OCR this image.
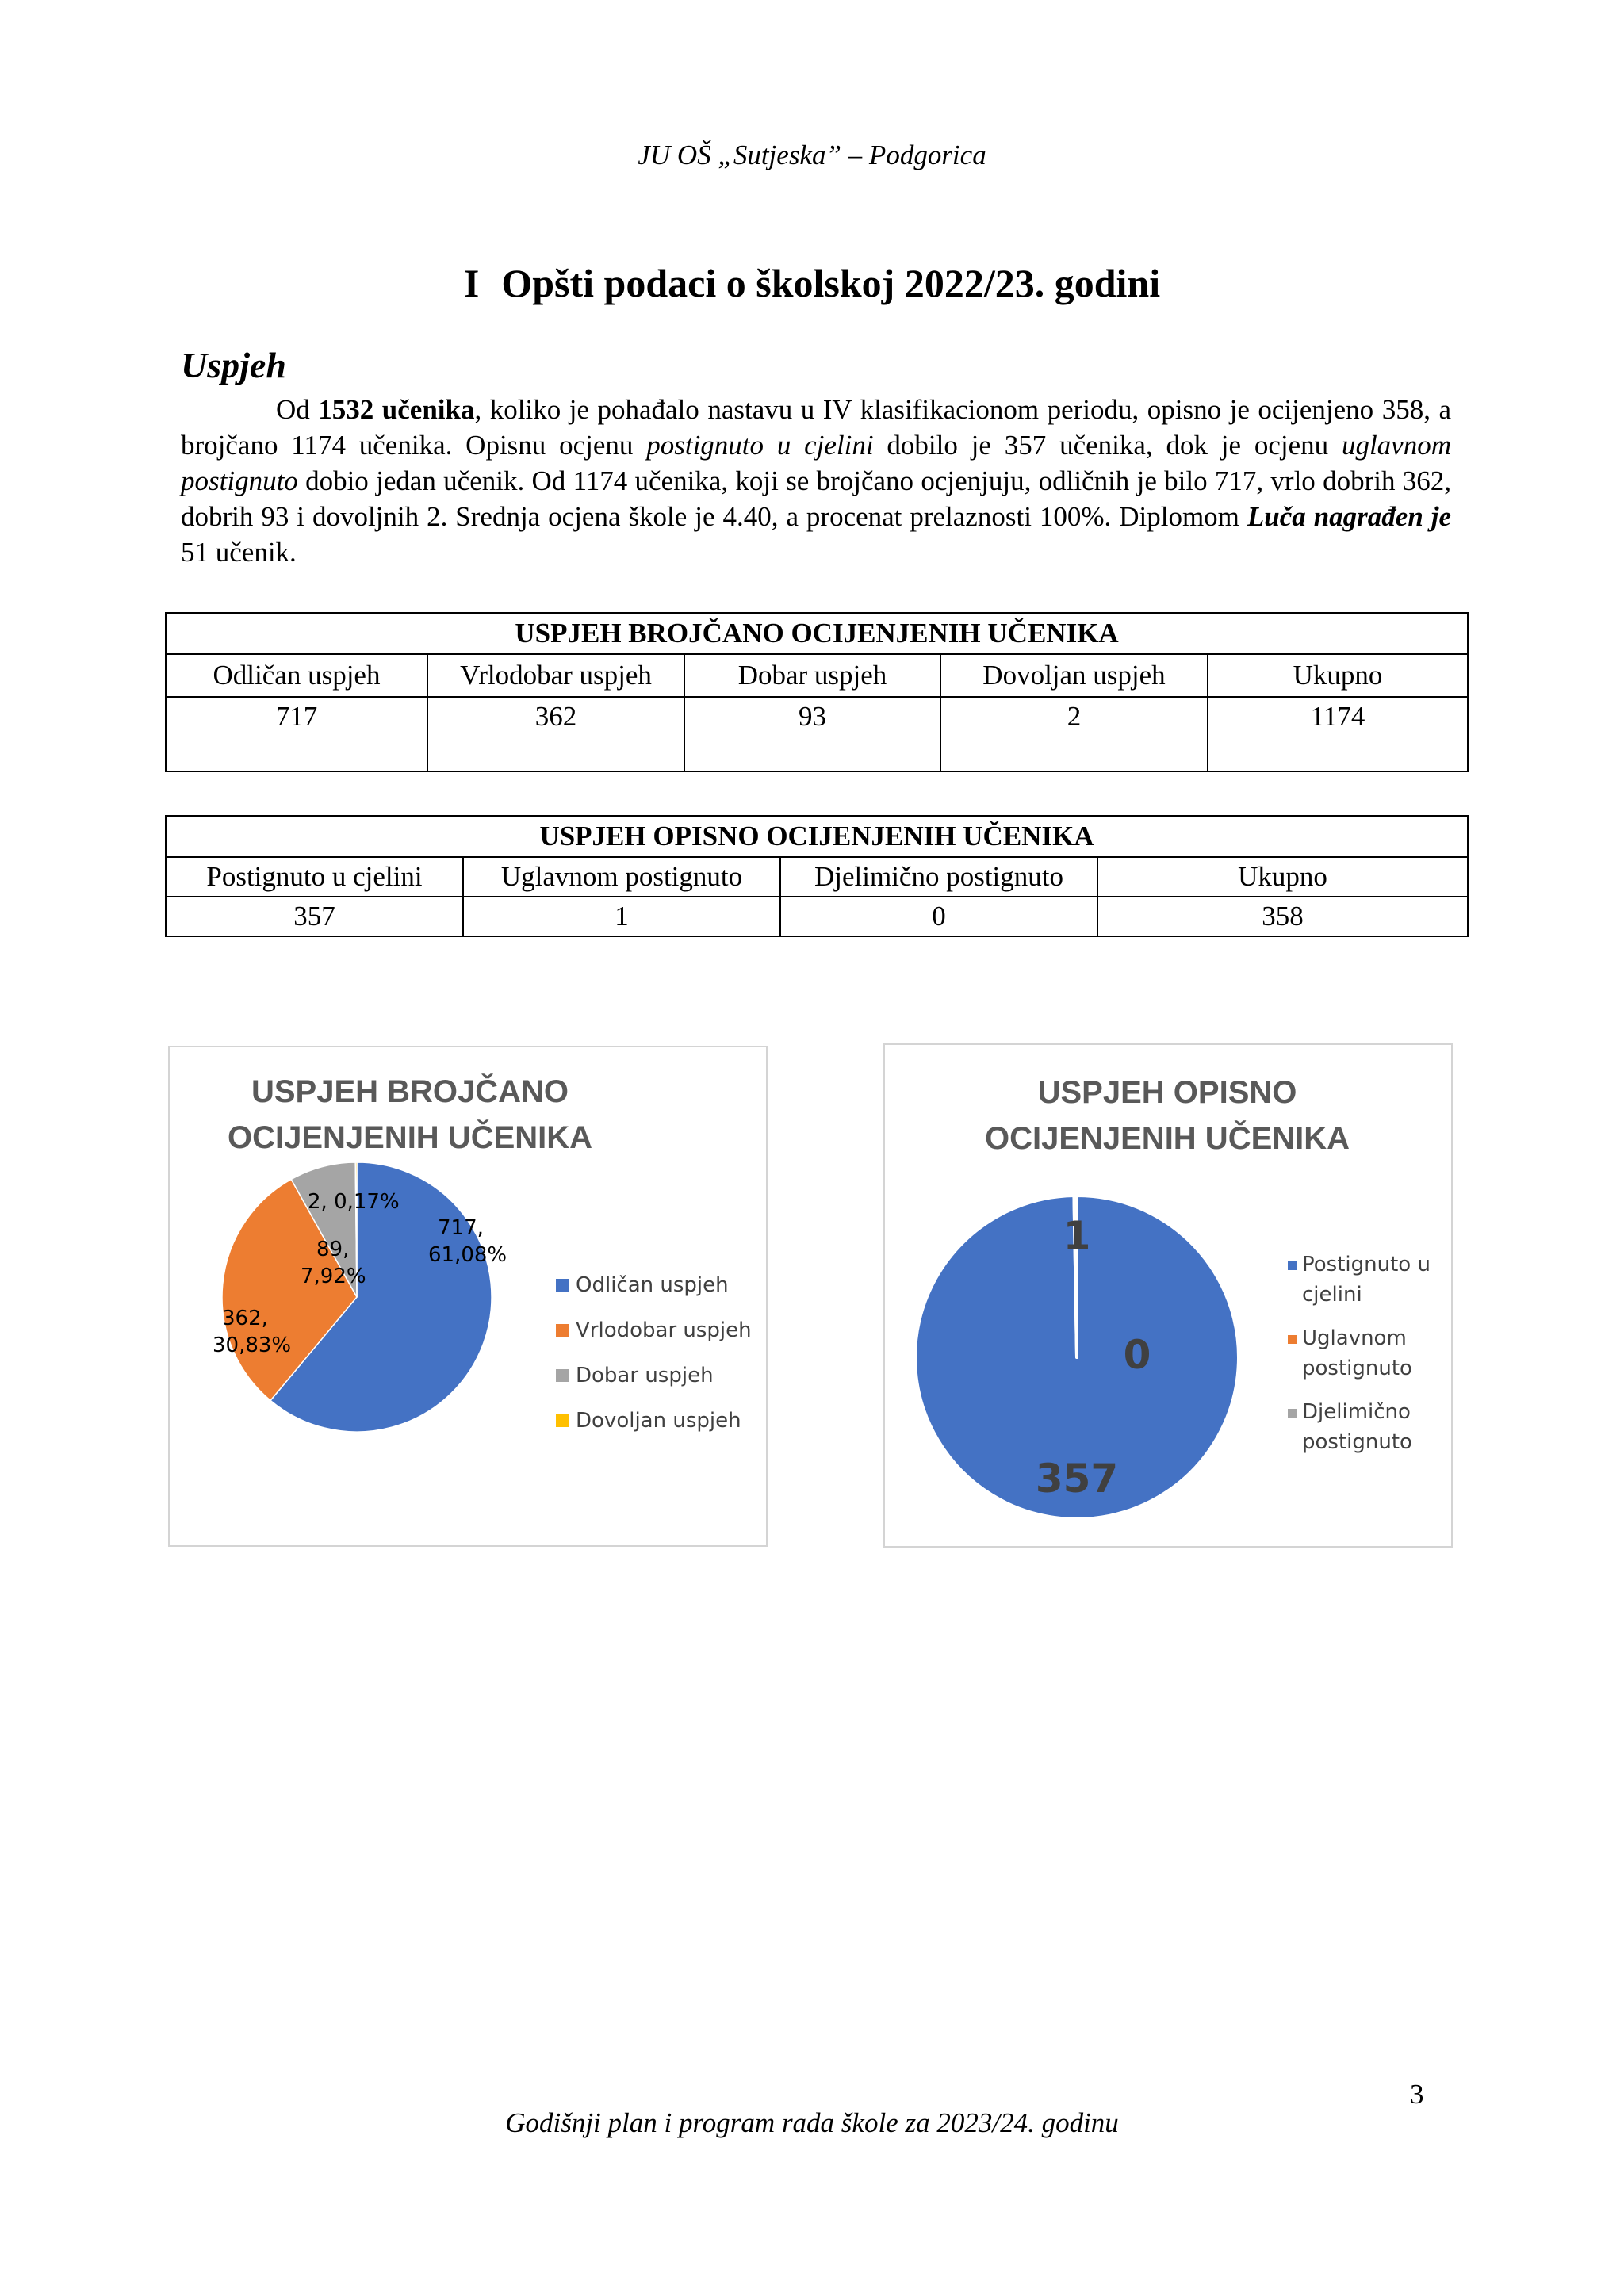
JU OŠ „Sutjeska” – Podgorica
I Opšti podaci o školskoj 2022/23. godini
Uspjeh
Od 1532 učenika, koliko je pohađalo nastavu u IV klasifikacionom periodu, opisno je ocijenjeno 358, a brojčano 1174 učenika. Opisnu ocjenu postignuto u cjelini dobilo je 357 učenika, dok je ocjenu uglavnom postignuto dobio jedan učenik. Od 1174 učenika, koji se brojčano ocjenjuju, odličnih je bilo 717, vrlo dobrih 362, dobrih 93 i dovoljnih 2. Srednja ocjena škole je 4.40, a procenat prelaznosti 100%. Diplomom Luča nagrađen je 51 učenik.
USPJEH BROJČANO OCIJENJENIH UČENIKA				
Odličan uspjeh	Vrlodobar uspjeh	Dobar uspjeh	Dovoljan uspjeh	Ukupno
717	362	93	2	1174
USPJEH OPISNO OCIJENJENIH UČENIKA			
Postignuto u cjelini	Uglavnom postignuto	Djelimično postignuto	Ukupno
357	1	0	358
USPJEH BROJČANO
OCIJENJENIH UČENIKA
717,
61,08%
362,
30,83%
89,
7,92%
2, 0,17%
Odličan uspjeh
Vrlodobar uspjeh
Dobar uspjeh
Dovoljan uspjeh
USPJEH OPISNO
OCIJENJENIH UČENIKA
357
1
0
Postignuto u
cjelini
Uglavnom
postignuto
Djelimično
postignuto
3
Godišnji plan i program rada škole za 2023/24. godinu
